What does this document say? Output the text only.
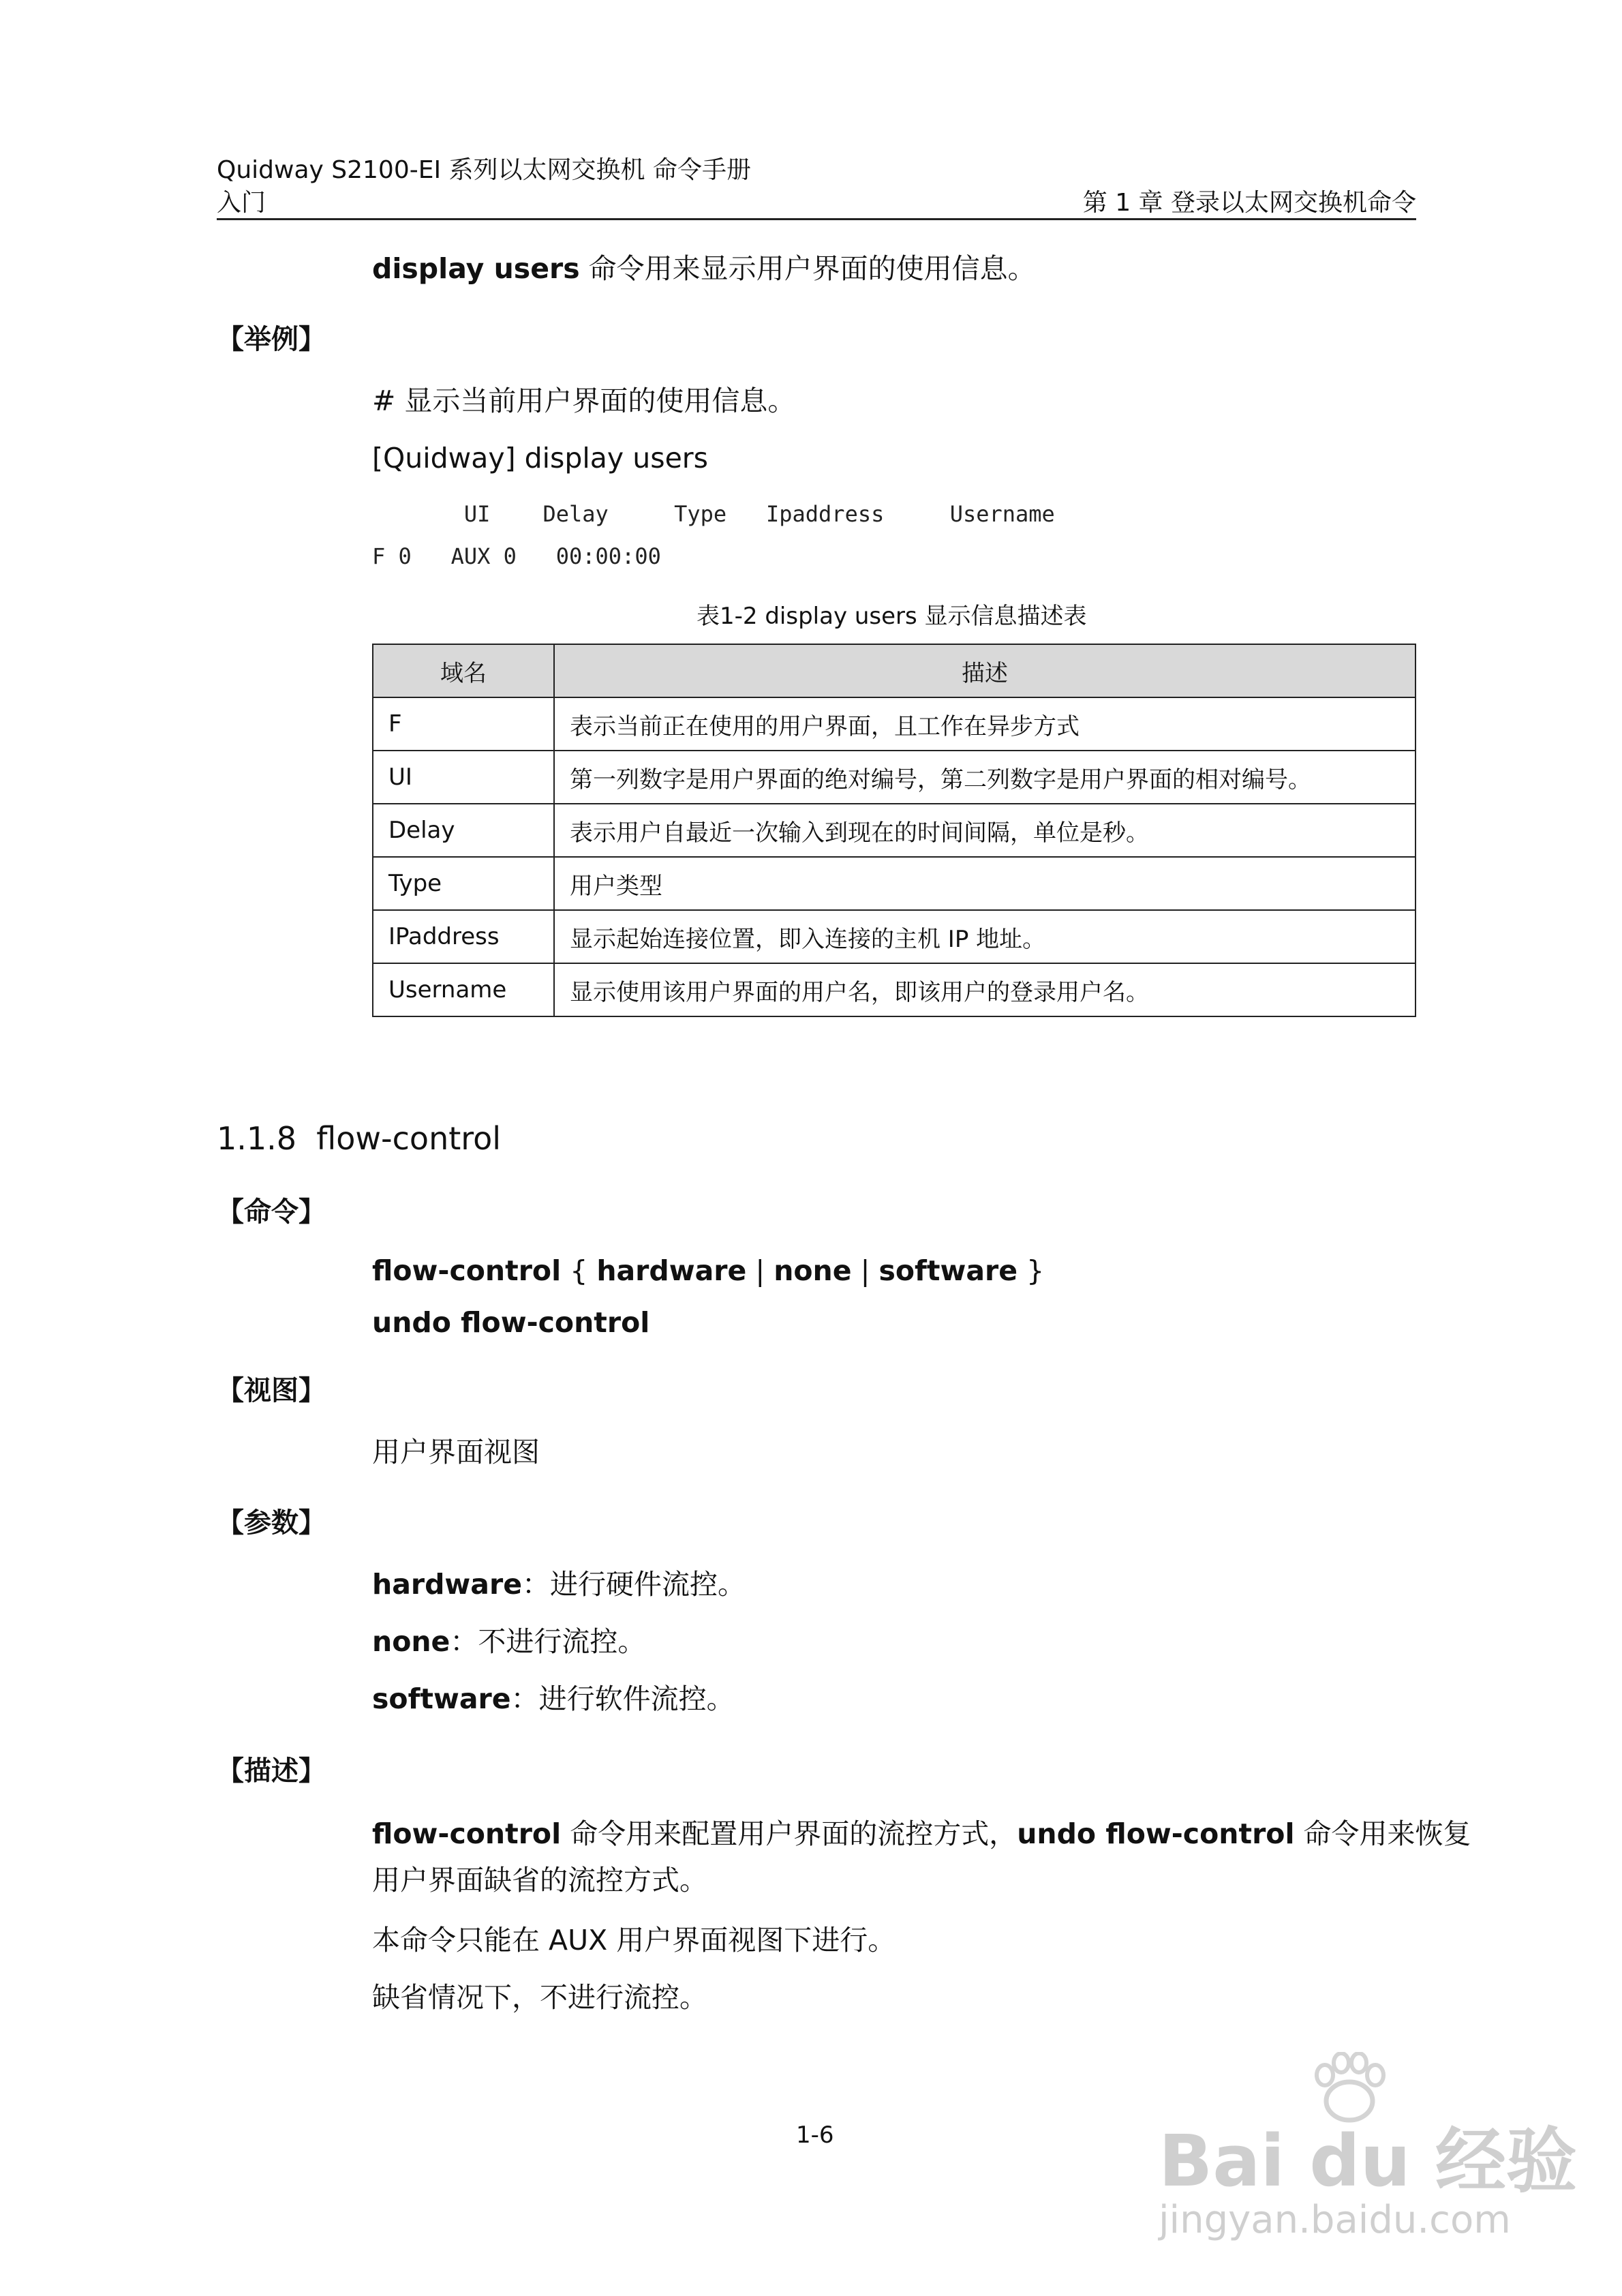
Quidway S2100-EI 系列以太网交换机 命令手册
入门	第 1 章 登录以太网交换机命令
display users 命令用来显示用户界面的使用信息。
【举例】
# 显示当前用户界面的使用信息。
[Quidway] display users
UI    Delay     Type   Ipaddress     Username
F 0   AUX 0   00:00:00
表1-2 display users 显示信息描述表
域名	描述
F	表示当前正在使用的用户界面，且工作在异步方式
UI	第一列数字是用户界面的绝对编号，第二列数字是用户界面的相对编号。
Delay	表示用户自最近一次输入到现在的时间间隔，单位是秒。
Type	用户类型
IPaddress	显示起始连接位置，即入连接的主机 IP 地址。
Username	显示使用该用户界面的用户名，即该用户的登录用户名。
1.1.8 flow-control
【命令】
flow-control { hardware | none | software }
undo flow-control
【视图】
用户界面视图
【参数】
hardware：进行硬件流控。
none：不进行流控。
software：进行软件流控。
【描述】
flow-control 命令用来配置用户界面的流控方式，undo flow-control 命令用来恢复
用户界面缺省的流控方式。
本命令只能在 AUX 用户界面视图下进行。
缺省情况下，不进行流控。
1-6	Bai du 经验
jingyan.baidu.com
